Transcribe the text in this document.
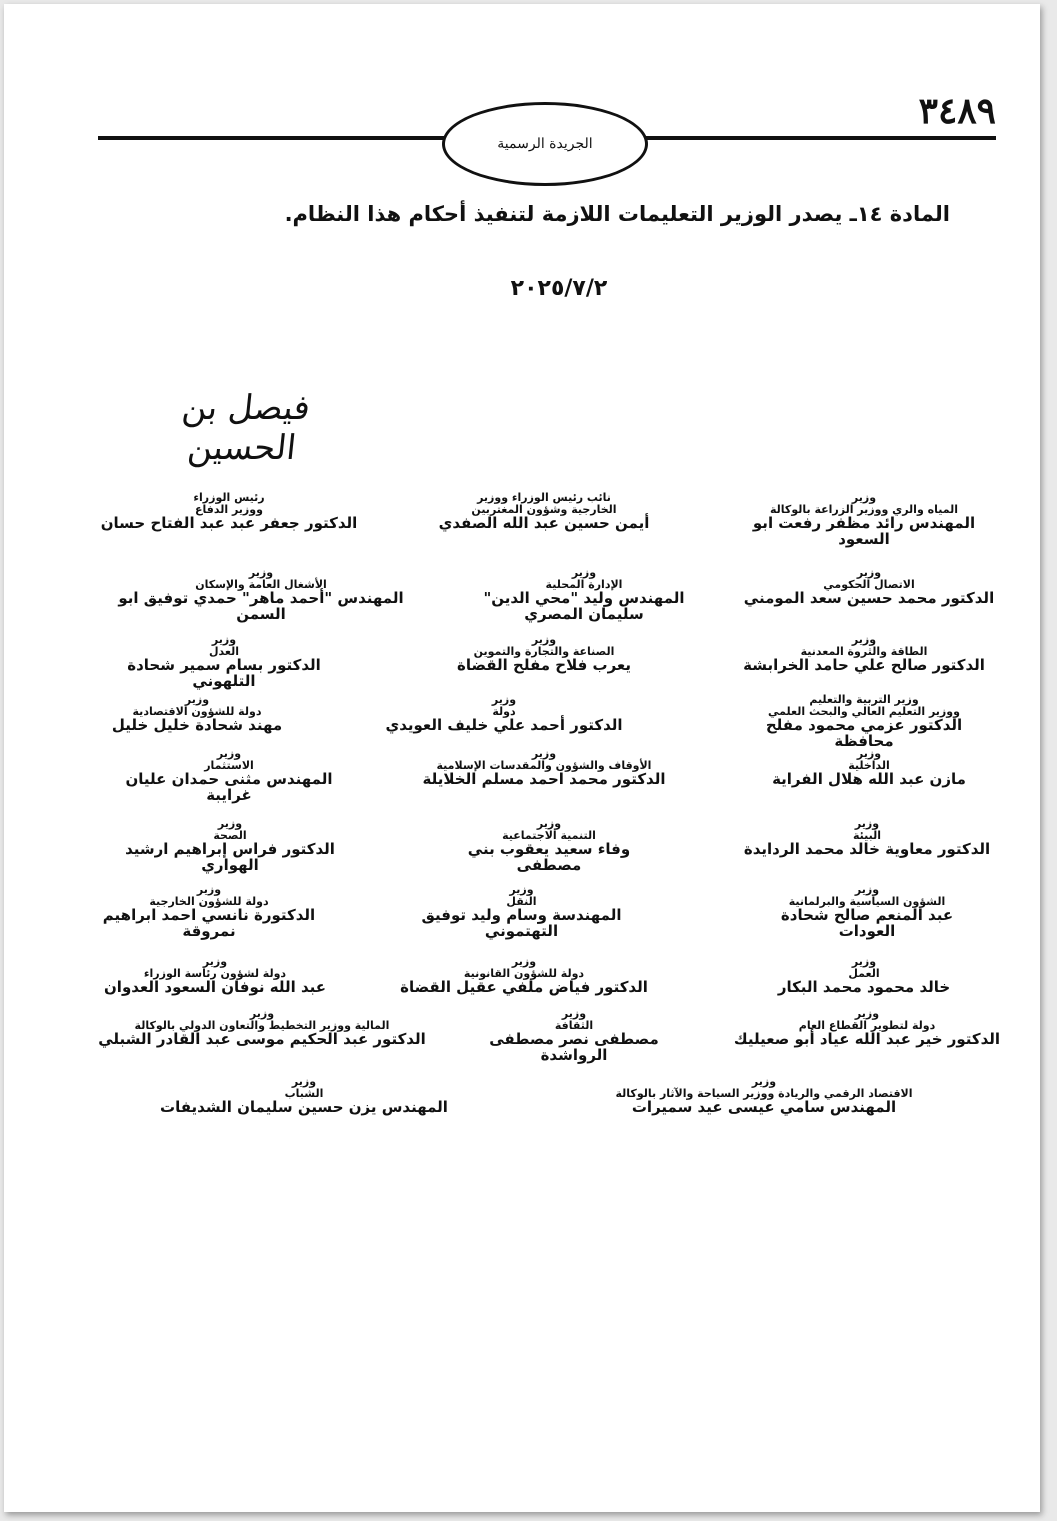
٣٤٨٩
الجريدة الرسمية
المادة ١٤ـ يصدر الوزير التعليمات اللازمة لتنفيذ أحكام هذا النظام.
٢٠٢٥/٧/٢
فيصل بن الحسين
رئيس الوزراء
ووزير الدفاع
الدكتور جعفر عبد عبد الفتاح حسان
نائب رئيس الوزراء ووزير
الخارجية وشؤون المغتربين
أيمن حسين عبد الله الصفدي
وزير
المياه والري ووزير الزراعة بالوكالة
المهندس رائد مظفر رفعت ابو السعود
وزير
الأشغال العامة والإسكان
المهندس "أحمد ماهر" حمدي توفيق ابو السمن
وزير
الإدارة المحلية
المهندس وليد "محي الدين" سليمان المصري
وزير
الاتصال الحكومي
الدكتور محمد حسين سعد المومني
وزير
العدل
الدكتور بسام سمير شحادة التلهوني
وزير
الصناعة والتجارة والتموين
يعرب فلاح مفلح القضاة
وزير
الطاقة والثروة المعدنية
الدكتور صالح علي حامد الخرابشة
وزير
دولة للشؤون الاقتصادية
مهند شحادة خليل خليل
وزير
دولة
الدكتور أحمد علي خليف العويدي
وزير التربية والتعليم
ووزير التعليم العالي والبحث العلمي
الدكتور عزمي محمود مفلح محافظة
وزير
الاستثمار
المهندس مثنى حمدان عليان غرايبة
وزير
الأوقاف والشؤون والمقدسات الإسلامية
الدكتور محمد احمد مسلم الخلايلة
وزير
الداخلية
مازن عبد الله هلال الفراية
وزير
الصحة
الدكتور فراس إبراهيم ارشيد الهواري
وزير
التنمية الاجتماعية
وفاء سعيد يعقوب بني مصطفى
وزير
البيئة
الدكتور معاوية خالد محمد الردايدة
وزير
دولة للشؤون الخارجية
الدكتورة نانسي احمد ابراهيم نمروقة
وزير
النقل
المهندسة وسام وليد توفيق التهتموني
وزير
الشؤون السياسية والبرلمانية
عبد المنعم صالح شحادة العودات
وزير
دولة لشؤون رئاسة الوزراء
عبد الله نوفان السعود العدوان
وزير
دولة للشؤون القانونية
الدكتور فياض ملفي عقيل القضاة
وزير
العمل
خالد محمود محمد البكار
وزير
المالية ووزير التخطيط والتعاون الدولي بالوكالة
الدكتور عبد الحكيم موسى عبد القادر الشبلي
وزير
الثقافة
مصطفى نصر مصطفى الرواشدة
وزير
دولة لتطوير القطاع العام
الدكتور خير عبد الله عياد أبو صعيليك
وزير
الشباب
المهندس يزن حسين سليمان الشديفات
وزير
الاقتصاد الرقمي والريادة ووزير السياحة والآثار بالوكالة
المهندس سامي عيسى عيد سميرات
